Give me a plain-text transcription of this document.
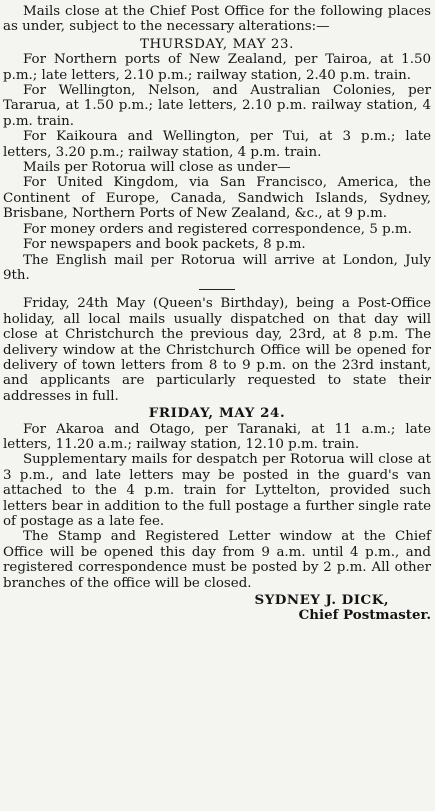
Mails close at the Chief Post Office for the following places as under, subject to the necessary alterations:—

THURSDAY, MAY 23.

For Northern ports of New Zealand, per Tairoa, at 1.50 p.m.; late letters, 2.10 p.m.; railway station, 2.40 p.m. train.

For Wellington, Nelson, and Australian Colonies, per Tararua, at 1.50 p.m.; late letters, 2.10 p.m. railway station, 4 p.m. train.

For Kaikoura and Wellington, per Tui, at 3 p.m.; late letters, 3.20 p.m.; railway station, 4 p.m. train.

Mails per Rotorua will close as under—

For United Kingdom, via San Francisco, America, the Continent of Europe, Canada, Sandwich Islands, Sydney, Brisbane, Northern Ports of New Zealand, &c., at 9 p.m.

For money orders and registered correspondence, 5 p.m.

For newspapers and book packets, 8 p.m.

The English mail per Rotorua will arrive at London, July 9th.

Friday, 24th May (Queen's Birthday), being a Post-Office holiday, all local mails usually dispatched on that day will close at Christchurch the previous day, 23rd, at 8 p.m. The delivery window at the Christchurch Office will be opened for delivery of town letters from 8 to 9 p.m. on the 23rd instant, and applicants are particularly requested to state their addresses in full.

FRIDAY, MAY 24.

For Akaroa and Otago, per Taranaki, at 11 a.m.; late letters, 11.20 a.m.; railway station, 12.10 p.m. train.

Supplementary mails for despatch per Rotorua will close at 3 p.m., and late letters may be posted in the guard's van attached to the 4 p.m. train for Lyttelton, provided such letters bear in addition to the full postage a further single rate of postage as a late fee.

The Stamp and Registered Letter window at the Chief Office will be opened this day from 9 a.m. until 4 p.m., and registered correspondence must be posted by 2 p.m. All other branches of the office will be closed.

SYDNEY J. DICK,
Chief Postmaster.
